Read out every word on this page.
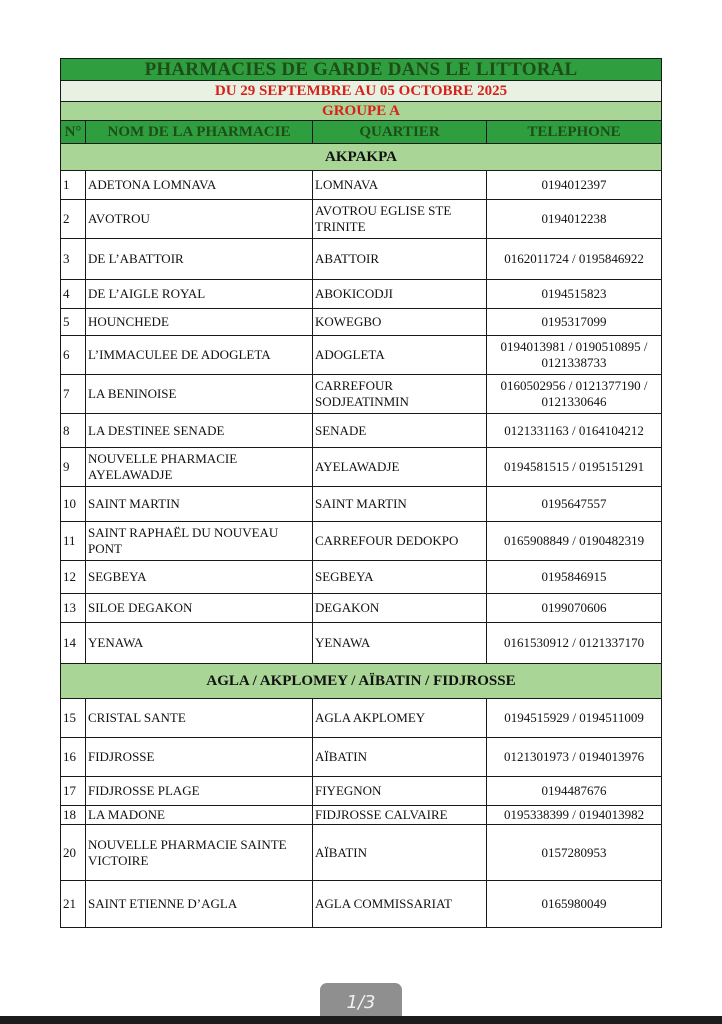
PHARMACIES DE GARDE DANS LE LITTORAL			
DU 29 SEPTEMBRE AU 05 OCTOBRE 2025			
GROUPE A			
N°	NOM DE LA PHARMACIE	QUARTIER	TELEPHONE
AKPAKPA			
1	ADETONA LOMNAVA	LOMNAVA	0194012397
2	AVOTROU	AVOTROU EGLISE STE TRINITE	0194012238
3	DE L’ABATTOIR	ABATTOIR	0162011724 / 0195846922
4	DE L’AIGLE ROYAL	ABOKICODJI	0194515823
5	HOUNCHEDE	KOWEGBO	0195317099
6	L’IMMACULEE DE ADOGLETA	ADOGLETA	0194013981 / 0190510895 / 0121338733
7	LA BENINOISE	CARREFOUR SODJEATINMIN	0160502956 / 0121377190 / 0121330646
8	LA DESTINEE SENADE	SENADE	0121331163 / 0164104212
9	NOUVELLE PHARMACIE AYELAWADJE	AYELAWADJE	0194581515 / 0195151291
10	SAINT MARTIN	SAINT MARTIN	0195647557
11	SAINT RAPHAËL DU NOUVEAU PONT	CARREFOUR DEDOKPO	0165908849 / 0190482319
12	SEGBEYA	SEGBEYA	0195846915
13	SILOE DEGAKON	DEGAKON	0199070606
14	YENAWA	YENAWA	0161530912 / 0121337170
AGLA / AKPLOMEY / AÏBATIN / FIDJROSSE			
15	CRISTAL SANTE	AGLA AKPLOMEY	0194515929 / 0194511009
16	FIDJROSSE	AÏBATIN	0121301973 / 0194013976
17	FIDJROSSE PLAGE	FIYEGNON	0194487676
18	LA MADONE	FIDJROSSE CALVAIRE	0195338399 / 0194013982
20	NOUVELLE PHARMACIE SAINTE VICTOIRE	AÏBATIN	0157280953
21	SAINT ETIENNE D’AGLA	AGLA COMMISSARIAT	0165980049
1/3
